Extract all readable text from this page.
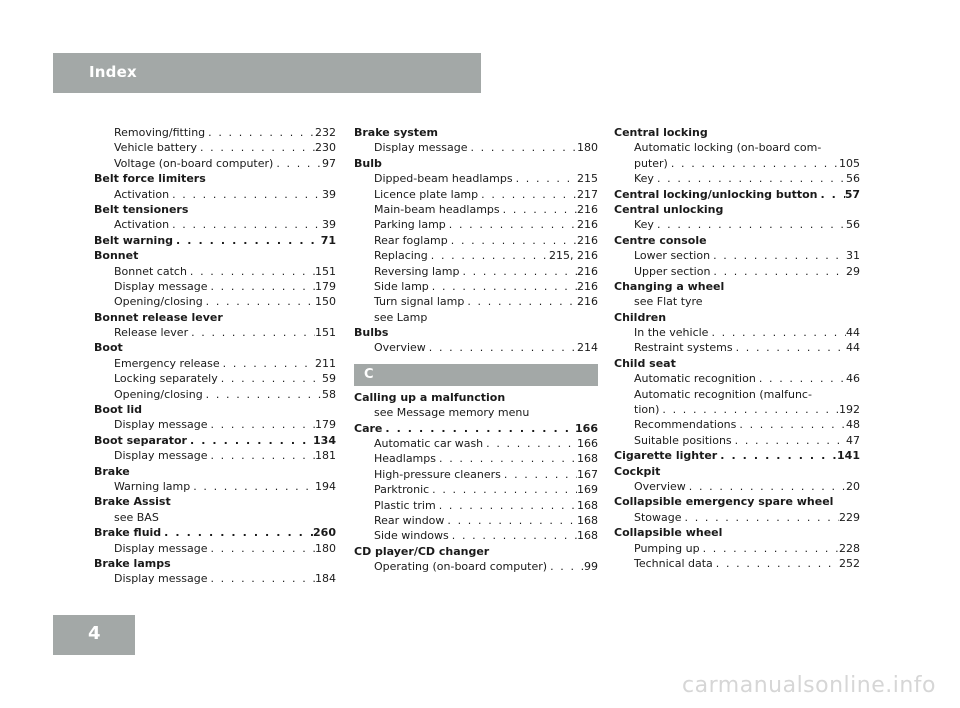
Index
Removing/fitting . . .	232
Vehicle battery . . .	230
Voltage (on-board computer) . . .	97
Belt force limiters
Activation . . .	39
Belt tensioners
Activation . . .	39
Belt warning . . .	71
Bonnet
Bonnet catch . . .	151
Display message . . .	179
Opening/closing . . .	150
Bonnet release lever
Release lever . . .	151
Boot
Emergency release . . .	211
Locking separately . . .	59
Opening/closing . . .	58
Boot lid
Display message . . .	179
Boot separator . . .	134
Display message . . .	181
Brake
Warning lamp . . .	194
Brake Assist
see BAS
Brake fluid . . .	260
Display message . . .	180
Brake lamps
Display message . . .	184
Brake system
Display message . . .	180
Bulb
Dipped-beam headlamps . . .	215
Licence plate lamp . . .	217
Main-beam headlamps . . .	216
Parking lamp . . .	216
Rear foglamp . . .	216
Replacing . . .	215, 216
Reversing lamp . . .	216
Side lamp . . .	216
Turn signal lamp . . .	216
see Lamp
Bulbs
Overview . . .	214
C
Calling up a malfunction
see Message memory menu
Care . . .	166
Automatic car wash . . .	166
Headlamps . . .	168
High-pressure cleaners . . .	167
Parktronic . . .	169
Plastic trim . . .	168
Rear window . . .	168
Side windows . . .	168
CD player/CD changer
Operating (on-board computer) . . .	99
Central locking
Automatic locking (on-board com-
puter) . . .	105
Key . . .	56
Central locking/unlocking button . . . 57
Central unlocking
Key . . .	56
Centre console
Lower section . . .	31
Upper section . . .	29
Changing a wheel
see Flat tyre
Children
In the vehicle . . .	44
Restraint systems . . .	44
Child seat
Automatic recognition . . .	46
Automatic recognition (malfunc-
tion) . . .	192
Recommendations . . .	48
Suitable positions . . .	47
Cigarette lighter . . .	141
Cockpit
Overview . . .	20
Collapsible emergency spare wheel
Stowage . . .	229
Collapsible wheel
Pumping up . . .	228
Technical data . . .	252
4
carmanualsonline.info
